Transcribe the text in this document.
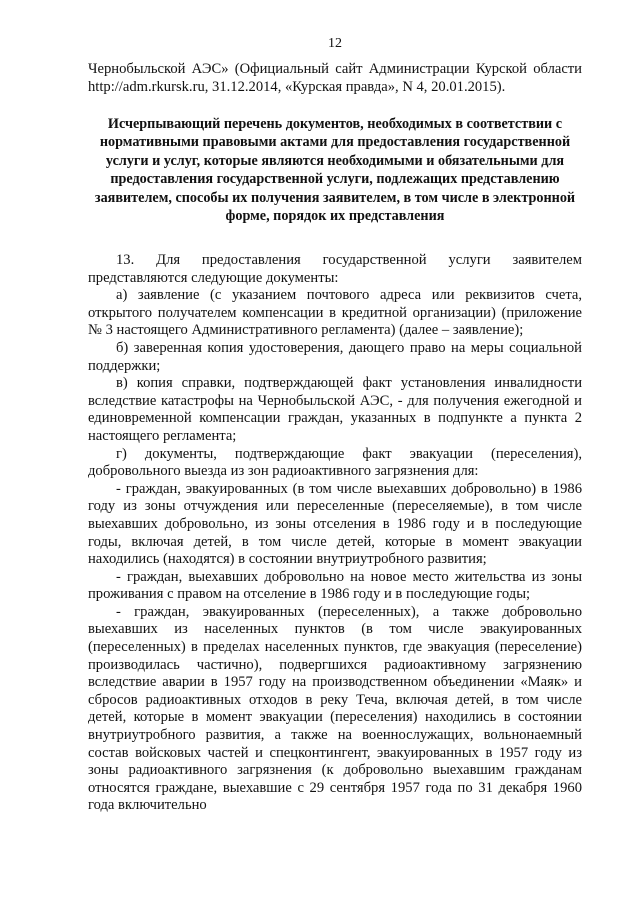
12
Чернобыльской АЭС» (Официальный сайт Администрации Курской области http://adm.rkursk.ru, 31.12.2014, «Курская правда», N 4, 20.01.2015).
Исчерпывающий перечень документов, необходимых в соответствии с нормативными правовыми актами для предоставления государственной услуги и услуг, которые являются необходимыми и обязательными для предоставления государственной услуги, подлежащих представлению заявителем, способы их получения заявителем, в том числе в электронной форме, порядок их представления

13. Для предоставления государственной услуги заявителем представляются следующие документы:

а) заявление (с указанием почтового адреса или реквизитов счета, открытого получателем компенсации в кредитной организации) (приложение № 3 настоящего Административного регламента) (далее – заявление);

б) заверенная копия удостоверения, дающего право на меры социальной поддержки;

в) копия справки, подтверждающей факт установления инвалидности вследствие катастрофы на Чернобыльской АЭС, - для получения ежегодной и единовременной компенсации граждан, указанных в подпункте а пункта 2 настоящего регламента;

г) документы, подтверждающие факт эвакуации (переселения), добровольного выезда из зон радиоактивного загрязнения для:

- граждан, эвакуированных (в том числе выехавших добровольно) в 1986 году из зоны отчуждения или переселенные (переселяемые), в том числе выехавших добровольно, из зоны отселения в 1986 году и в последующие годы, включая детей, в том числе детей, которые в момент эвакуации находились (находятся) в состоянии внутриутробного развития;

- граждан, выехавших добровольно на новое место жительства из зоны проживания с правом на отселение в 1986 году и в последующие годы;

- граждан, эвакуированных (переселенных), а также добровольно выехавших из населенных пунктов (в том числе эвакуированных (переселенных) в пределах населенных пунктов, где эвакуация (переселение) производилась частично), подвергшихся радиоактивному загрязнению вследствие аварии в 1957 году на производственном объединении «Маяк» и сбросов радиоактивных отходов в реку Теча, включая детей, в том числе детей, которые в момент эвакуации (переселения) находились в состоянии внутриутробного развития, а также на военнослужащих, вольнонаемный состав войсковых частей и спецконтингент, эвакуированных в 1957 году из зоны радиоактивного загрязнения (к добровольно выехавшим гражданам относятся граждане, выехавшие с 29 сентября 1957 года по 31 декабря 1960 года включительно
